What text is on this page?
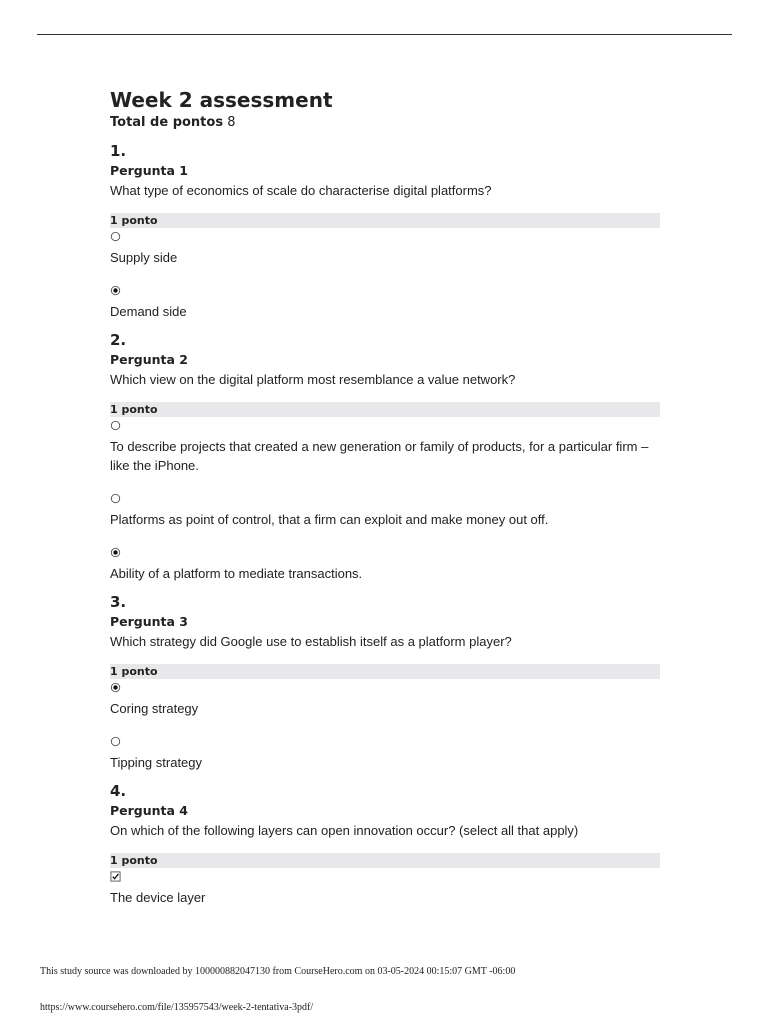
Week 2 assessment
Total de pontos 8
1.
Pergunta 1
What type of economics of scale do characterise digital platforms?
1 ponto
Supply side
Demand side
2.
Pergunta 2
Which view on the digital platform most resemblance a value network?
1 ponto
To describe projects that created a new generation or family of products, for a particular firm – like the iPhone.
Platforms as point of control, that a firm can exploit and make money out off.
Ability of a platform to mediate transactions.
3.
Pergunta 3
Which strategy did Google use to establish itself as a platform player?
1 ponto
Coring strategy
Tipping strategy
4.
Pergunta 4
On which of the following layers can open innovation occur? (select all that apply)
1 ponto
The device layer
This study source was downloaded by 100000882047130 from CourseHero.com on 03-05-2024 00:15:07 GMT -06:00
https://www.coursehero.com/file/135957543/week-2-tentativa-3pdf/
